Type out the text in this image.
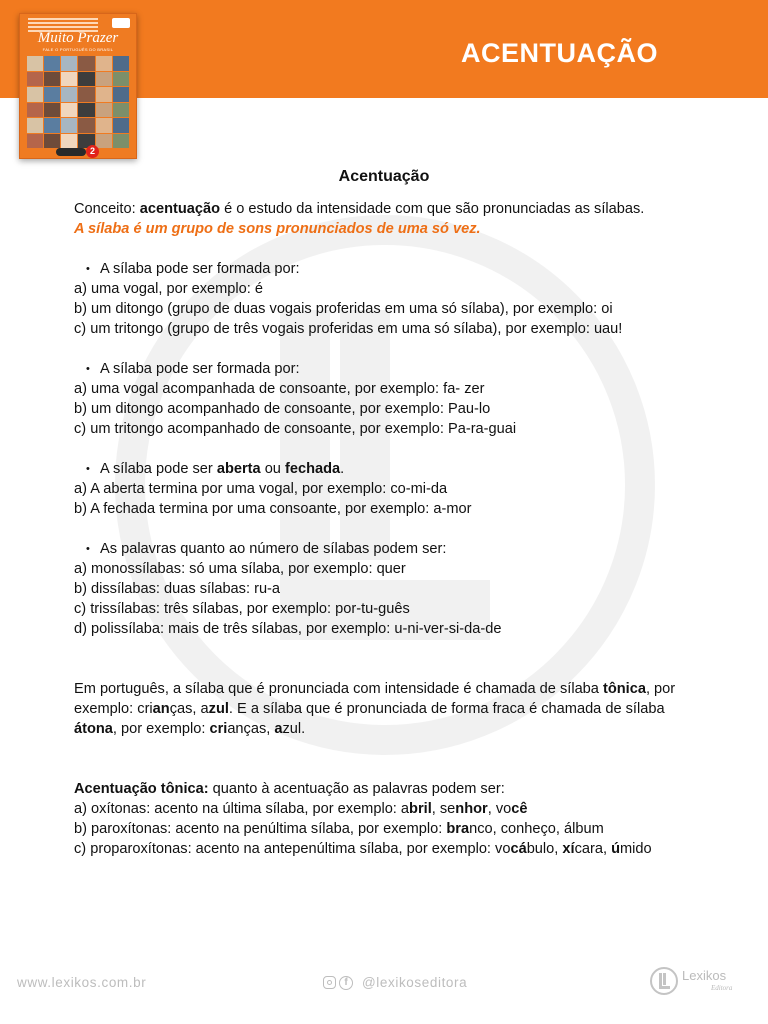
ACENTUAÇÃO
Muito Prazer
FALE O PORTUGUÊS DO BRASIL
2

Acentuação

Conceito: acentuação é o estudo da intensidade com que são pronunciadas as sílabas.

A sílaba é um grupo de sons pronunciados de uma só vez.

• A sílaba pode ser formada por:

a) uma vogal, por exemplo: é

b) um ditongo (grupo de duas vogais proferidas em uma só sílaba), por exemplo: oi

c) um tritongo (grupo de três vogais proferidas em uma só sílaba), por exemplo: uau!

• A sílaba pode ser formada por:

a) uma vogal acompanhada de consoante, por exemplo: fa- zer

b) um ditongo acompanhado de consoante, por exemplo: Pau-lo

c) um tritongo acompanhado de consoante, por exemplo: Pa-ra-guai

• A sílaba pode ser aberta ou fechada.

a) A aberta termina por uma vogal, por exemplo: co-mi-da

b) A fechada termina por uma consoante, por exemplo: a-mor

• As palavras quanto ao número de sílabas podem ser:

a) monossílabas: só uma sílaba, por exemplo: quer

b) dissílabas: duas sílabas: ru-a

c) trissílabas: três sílabas, por exemplo: por-tu-guês

d) polissílaba: mais de três sílabas, por exemplo: u-ni-ver-si-da-de

Em português, a sílaba que é pronunciada com intensidade é chamada de sílaba tônica, por exemplo: crianças, azul. E a sílaba que é pronunciada de forma fraca é chamada de sílaba átona, por exemplo: crianças, azul.

Acentuação tônica: quanto à acentuação as palavras podem ser:

a) oxítonas: acento na última sílaba, por exemplo: abril, senhor, você

b) paroxítonas: acento na penúltima sílaba, por exemplo: branco, conheço, álbum

c) proparoxítonas: acento na antepenúltima sílaba, por exemplo: vocábulo, xícara, úmido

www.lexikos.com.br	f	@lexikoseditora	Lexikos
Editora
